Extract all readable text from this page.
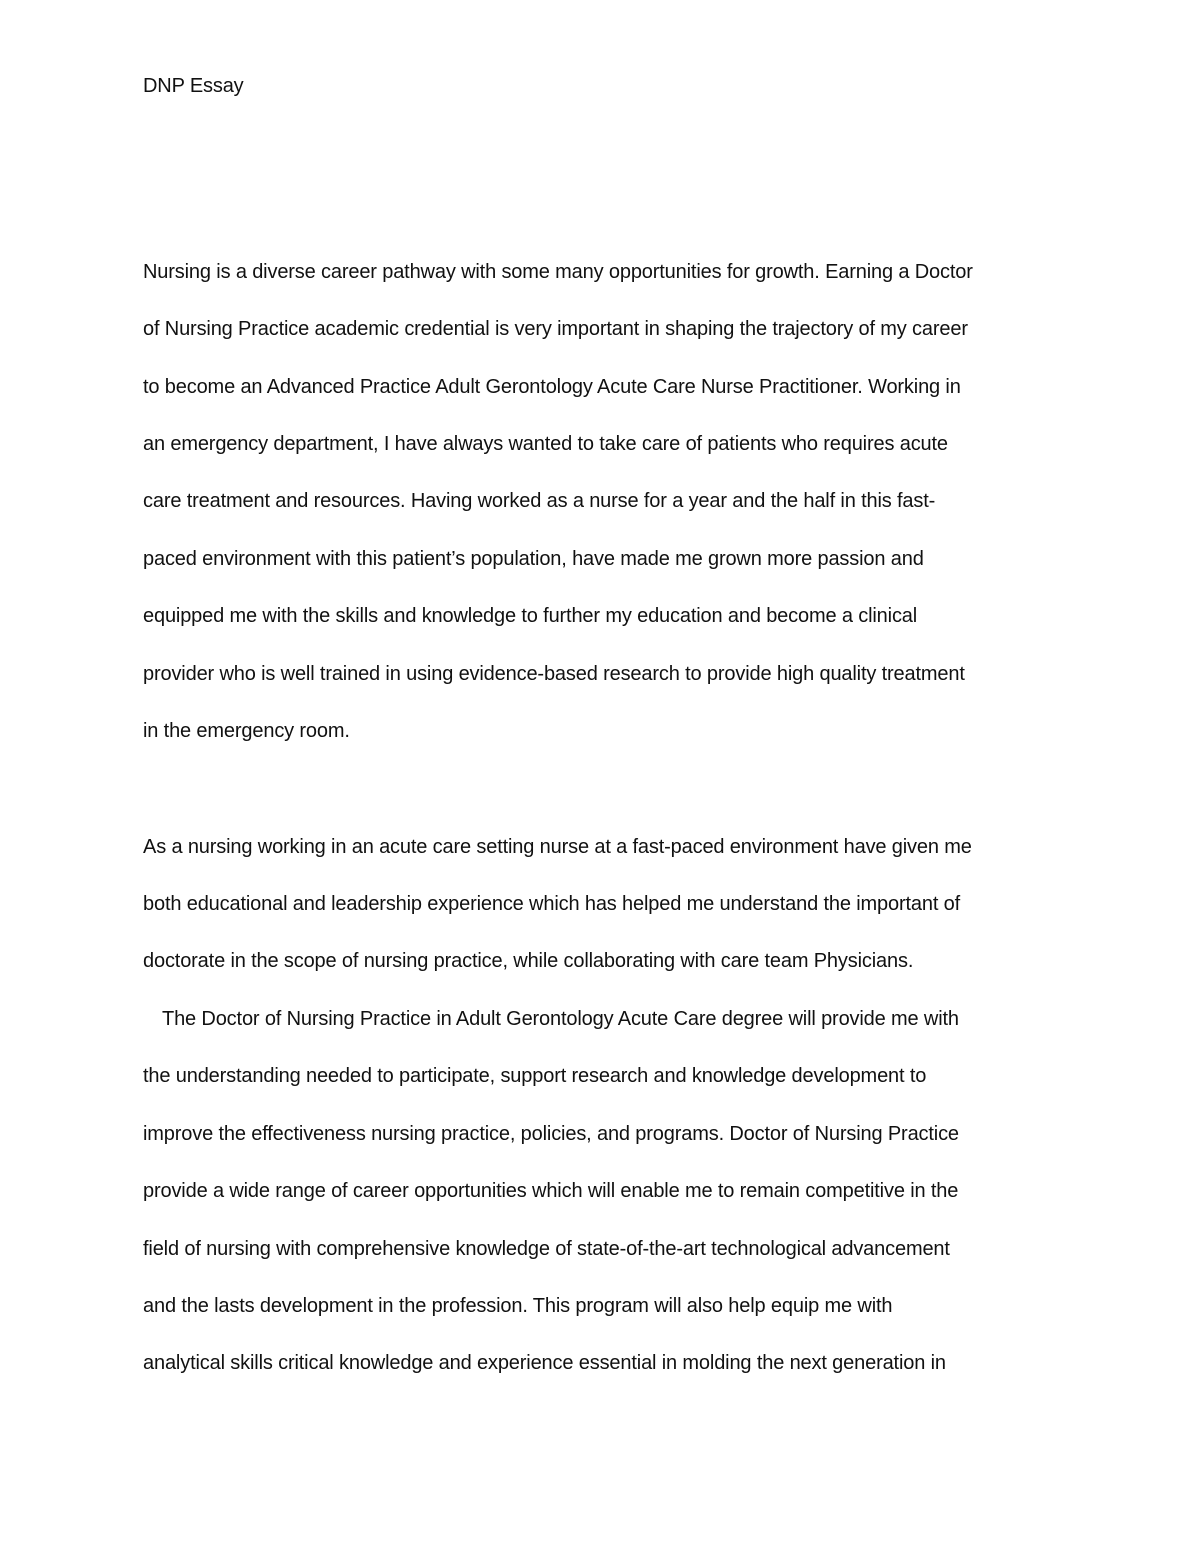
DNP Essay
Nursing is a diverse career pathway with some many opportunities for growth. Earning a Doctor
of Nursing Practice academic credential is very important in shaping the trajectory of my career
to become an Advanced Practice Adult Gerontology Acute Care Nurse Practitioner. Working in
an emergency department, I have always wanted to take care of patients who requires acute
care treatment and resources. Having worked as a nurse for a year and the half in this fast-
paced environment with this patient’s population, have made me grown more passion and
equipped me with the skills and knowledge to further my education and become a clinical
provider who is well trained in using evidence-based research to provide high quality treatment
in the emergency room.
As a nursing working in an acute care setting nurse at a fast-paced environment have given me
both educational and leadership experience which has helped me understand the important of
doctorate in the scope of nursing practice, while collaborating with care team Physicians.
The Doctor of Nursing Practice in Adult Gerontology Acute Care degree will provide me with
the understanding needed to participate, support research and knowledge development to
improve the effectiveness nursing practice, policies, and programs. Doctor of Nursing Practice
provide a wide range of career opportunities which will enable me to remain competitive in the
field of nursing with comprehensive knowledge of state-of-the-art technological advancement
and the lasts development in the profession. This program will also help equip me with
analytical skills critical knowledge and experience essential in molding the next generation in
